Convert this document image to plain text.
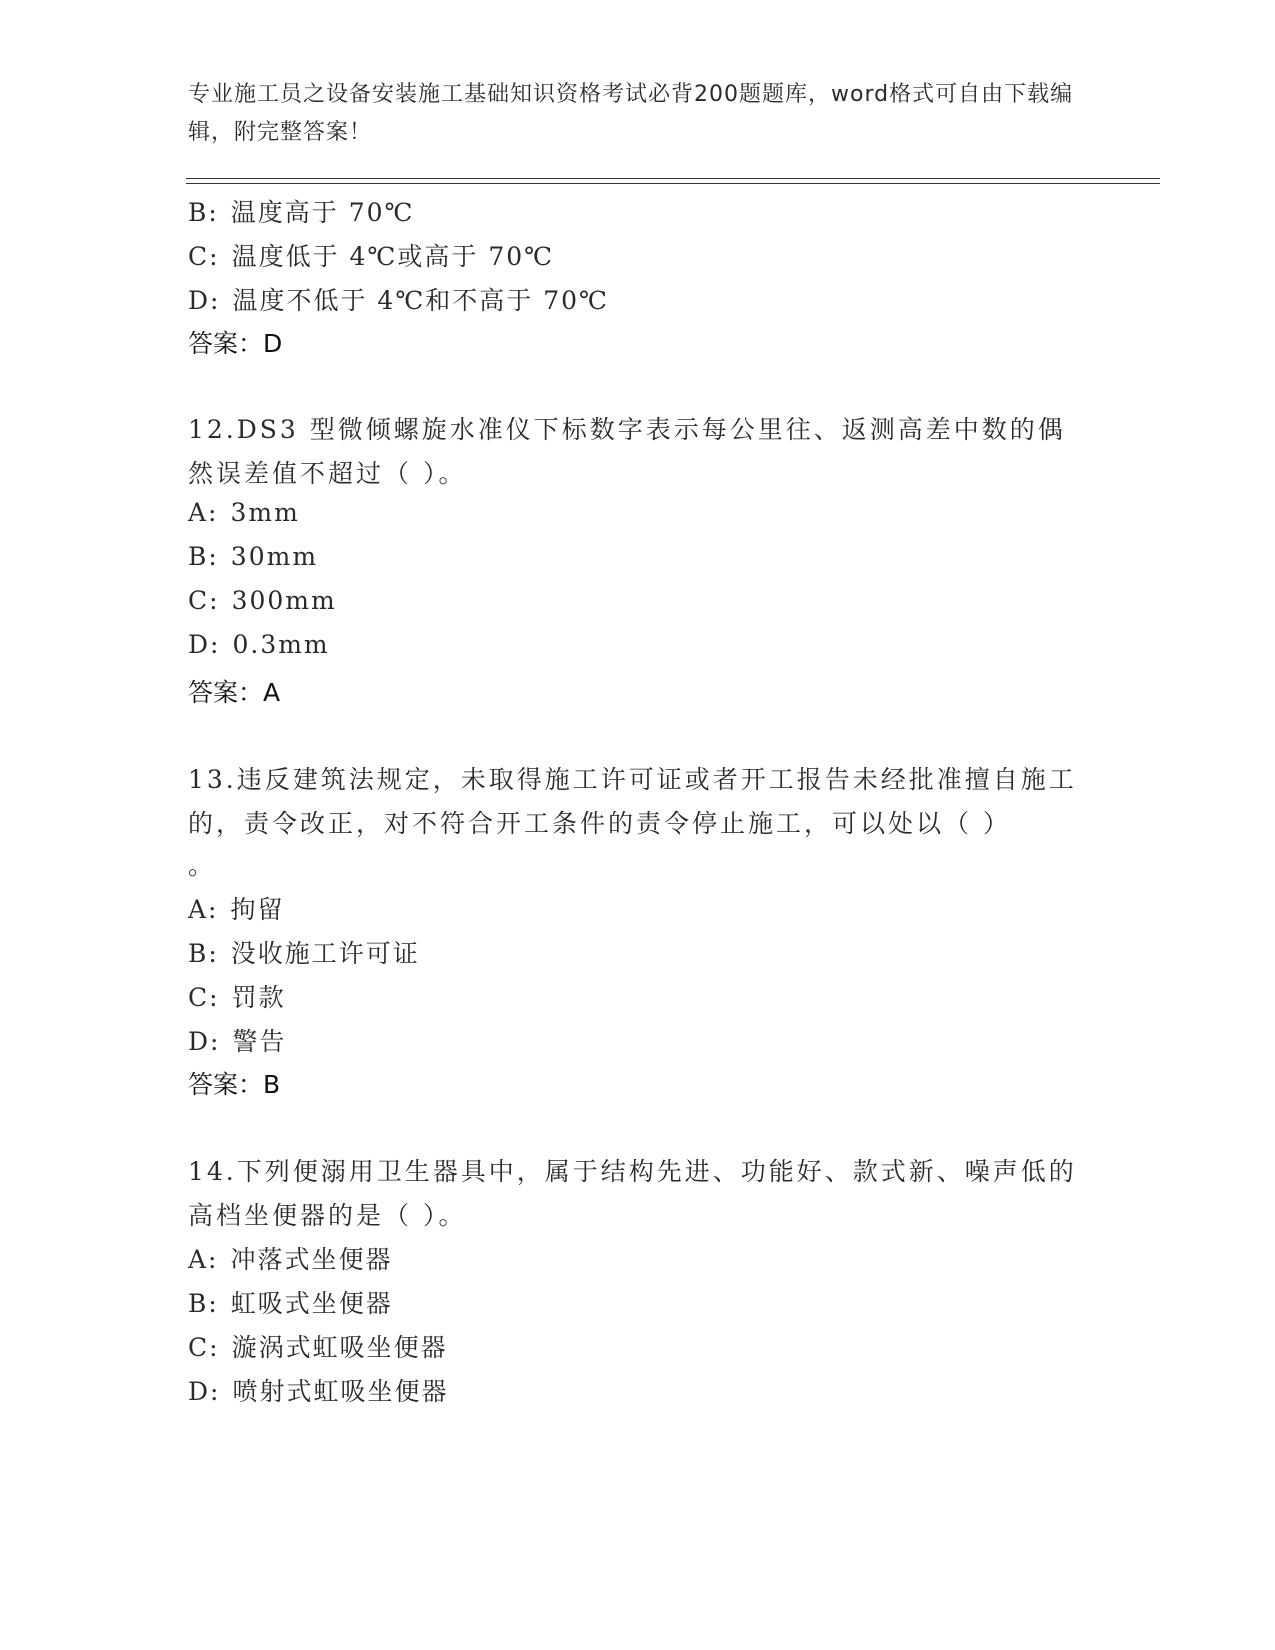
专业施工员之设备安装施工基础知识资格考试必背200题题库，word格式可自由下载编辑，附完整答案！
B: 温度高于 70℃
C: 温度低于 4℃或高于 70℃
D: 温度不低于 4℃和不高于 70℃
答案：D
12.DS3 型微倾螺旋水准仪下标数字表示每公里往、返测高差中数的偶然误差值不超过（ ）。
A: 3mm
B: 30mm
C: 300mm
D: 0.3mm
答案：A
13.违反建筑法规定，未取得施工许可证或者开工报告未经批准擅自施工的，责令改正，对不符合开工条件的责令停止施工，可以处以（ ）
。
A: 拘留
B: 没收施工许可证
C: 罚款
D: 警告
答案：B
14.下列便溺用卫生器具中，属于结构先进、功能好、款式新、噪声低的高档坐便器的是（ ）。
A: 冲落式坐便器
B: 虹吸式坐便器
C: 漩涡式虹吸坐便器
D: 喷射式虹吸坐便器
